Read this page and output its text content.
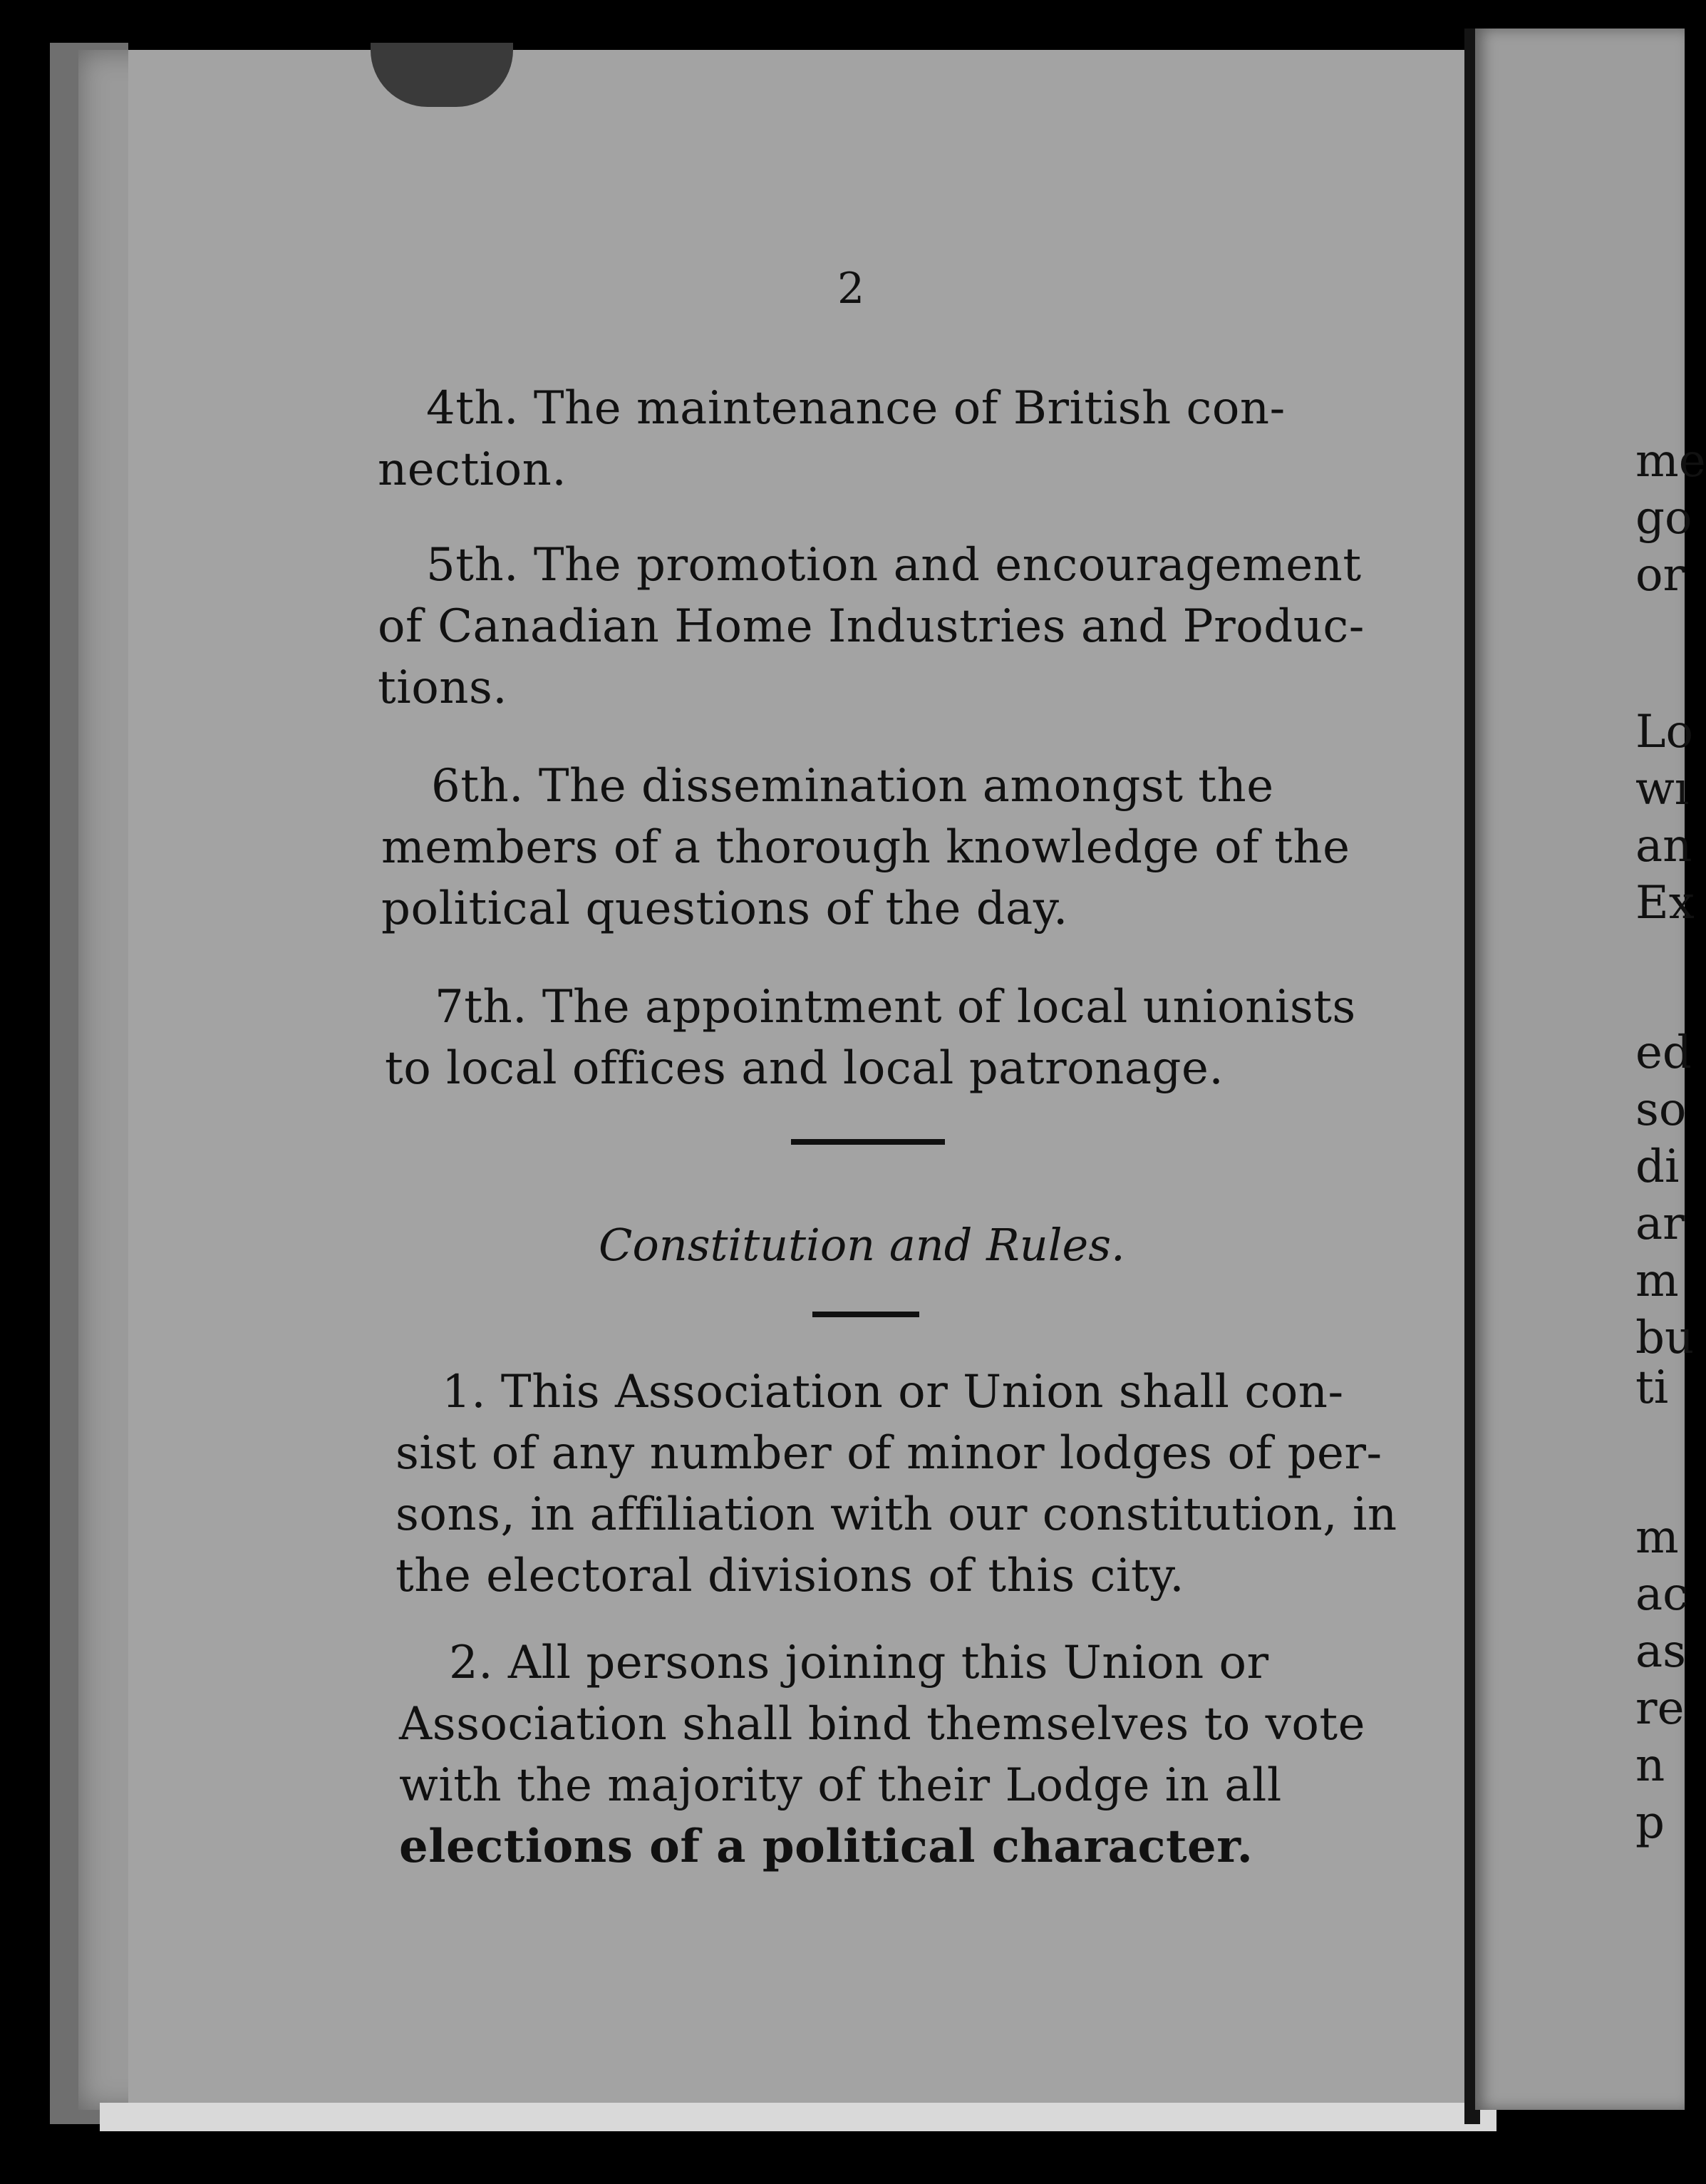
2
4th. The maintenance of British con-
nection.
5th. The promotion and encouragement
of Canadian Home Industries and Produc-
tions.
6th. The dissemination amongst the
members of a thorough knowledge of the
political questions of the day.
7th. The appointment of local unionists
to local offices and local patronage.
Constitution and Rules.
1. This Association or Union shall con-
sist of any number of minor lodges of per-
sons, in affiliation with our constitution, in
the electoral divisions of this city.
2. All persons joining this Union or
Association shall bind themselves to vote
with the majority of their Lodge in all
elections of a political character.
me
go
or
Lo
wı
an
Ex
ed
so
di
ar
m
bu
ti
m
ac
as
re
n
p
